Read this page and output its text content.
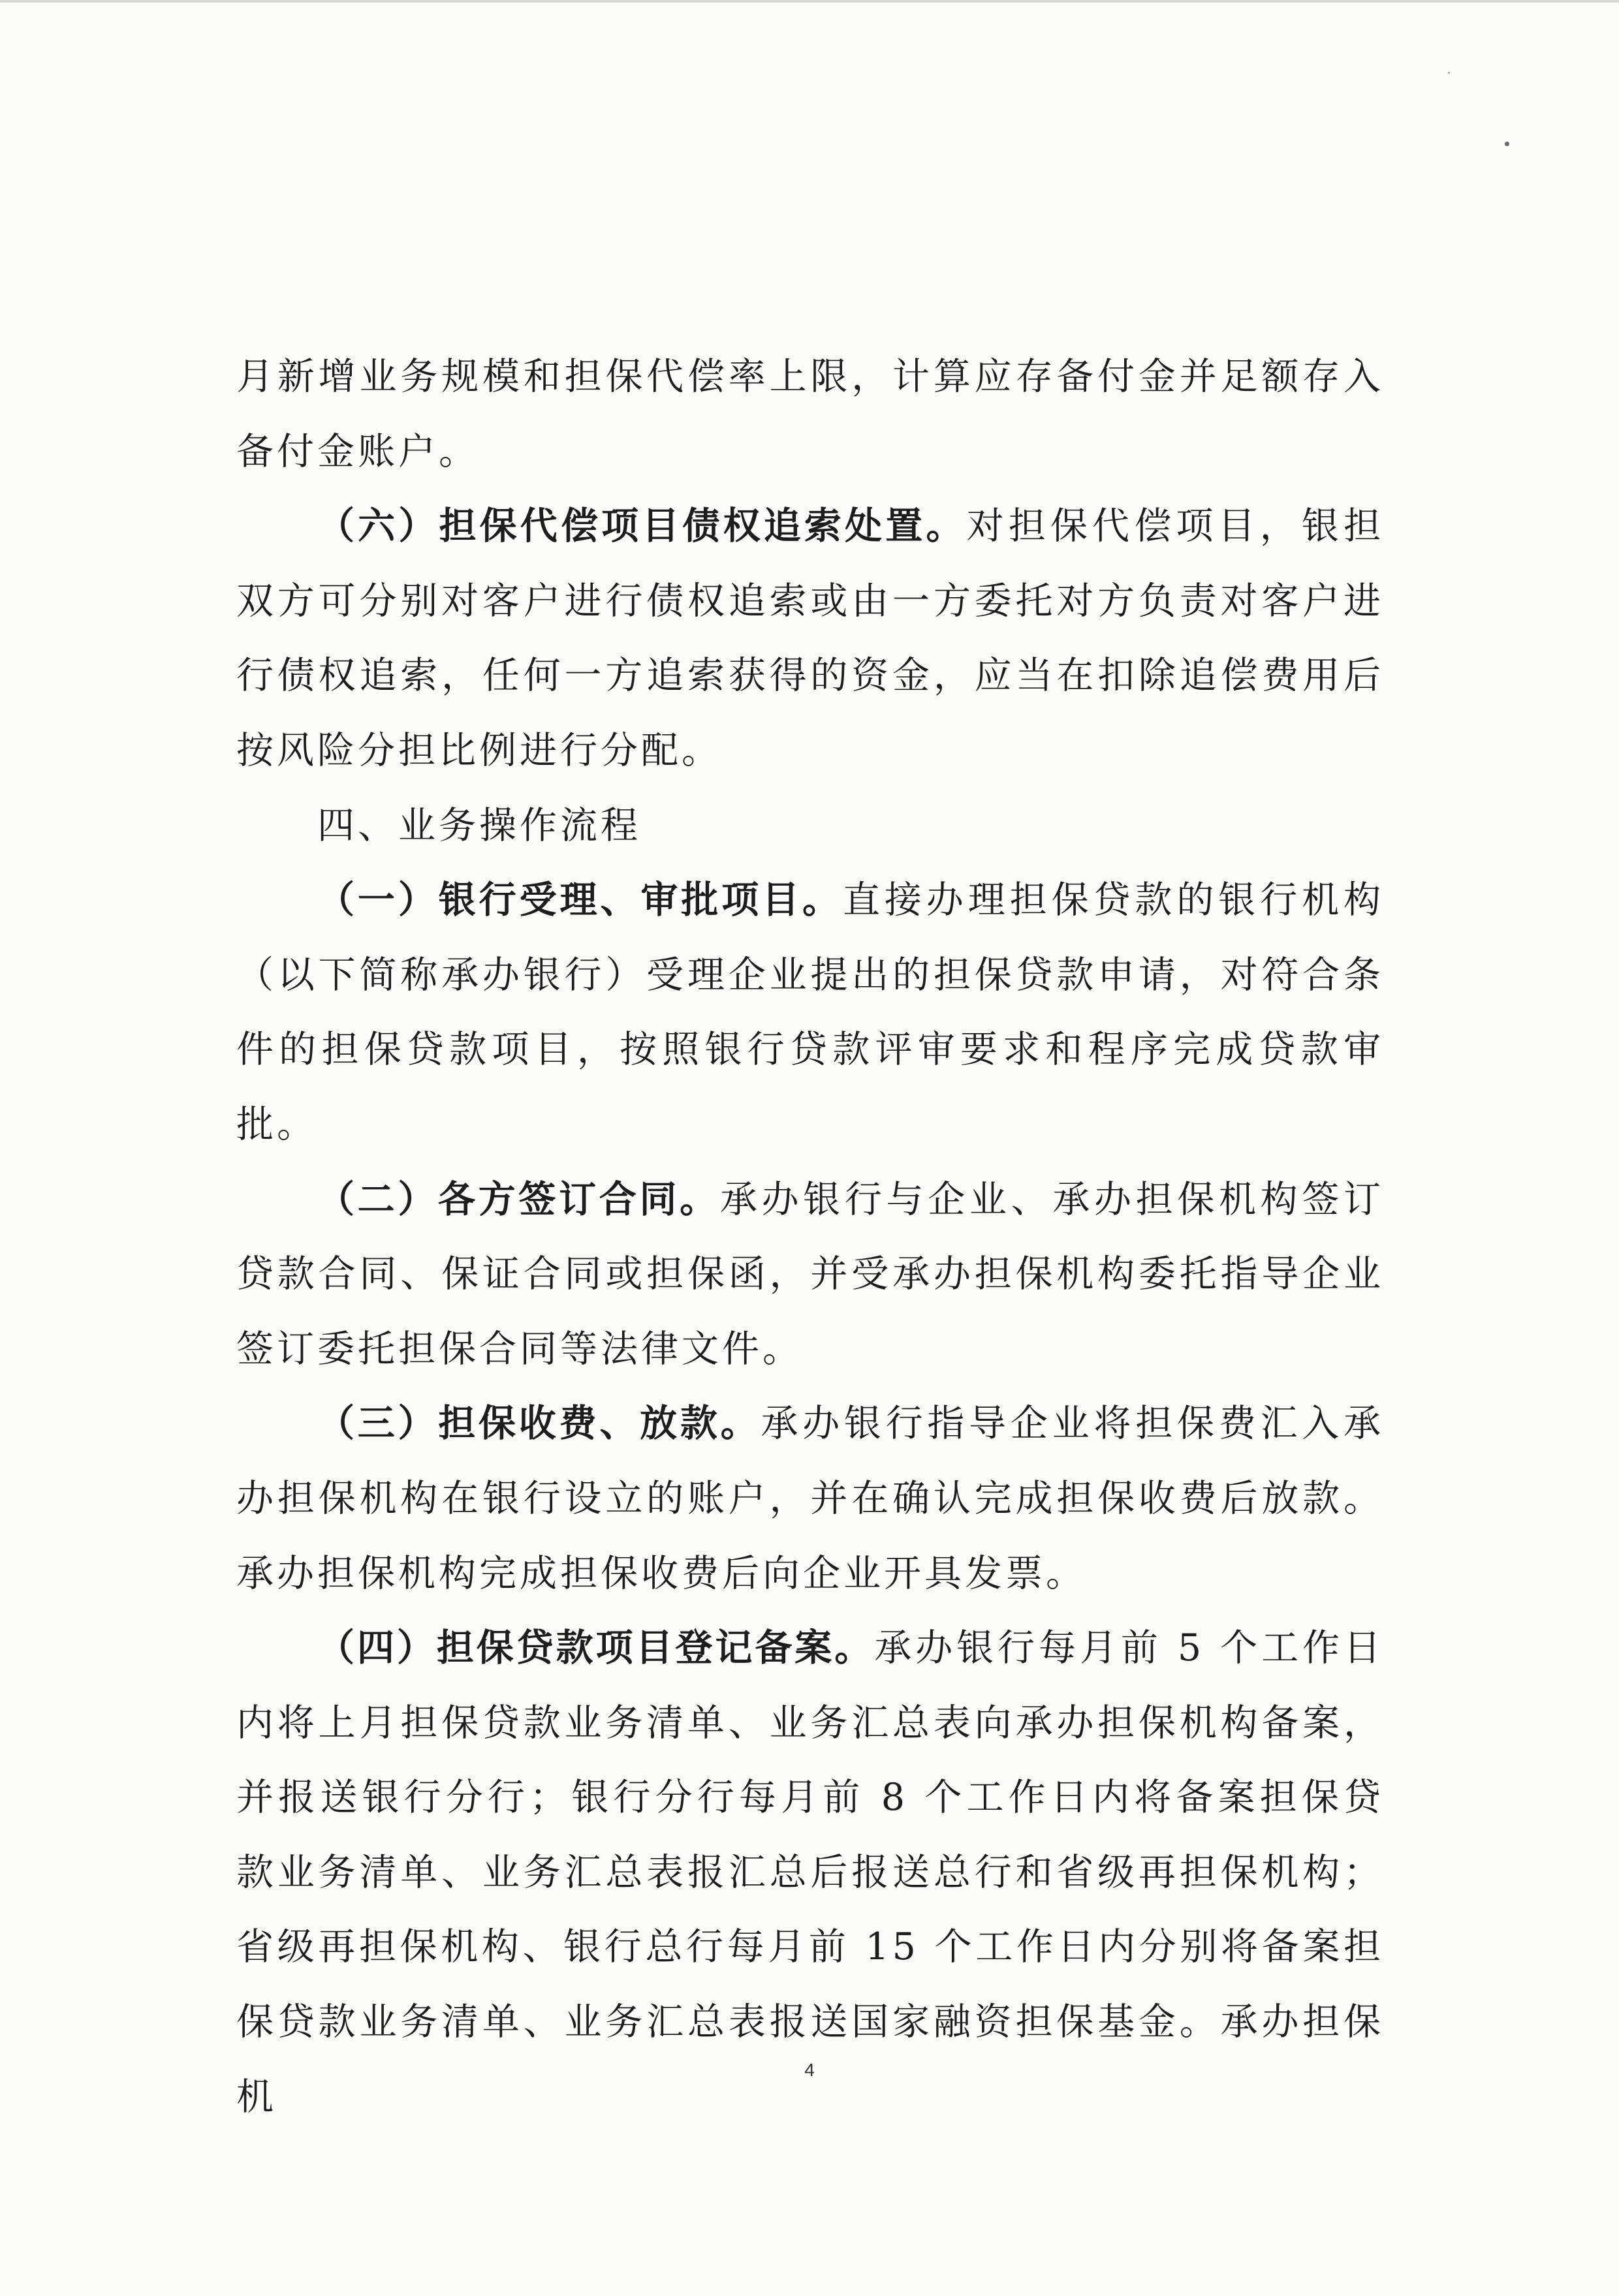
月新增业务规模和担保代偿率上限，计算应存备付金并足额存入备付金账户。

（六）担保代偿项目债权追索处置。对担保代偿项目，银担双方可分别对客户进行债权追索或由一方委托对方负责对客户进行债权追索，任何一方追索获得的资金，应当在扣除追偿费用后按风险分担比例进行分配。

四、业务操作流程

（一）银行受理、审批项目。直接办理担保贷款的银行机构（以下简称承办银行）受理企业提出的担保贷款申请，对符合条件的担保贷款项目，按照银行贷款评审要求和程序完成贷款审批。

（二）各方签订合同。承办银行与企业、承办担保机构签订贷款合同、保证合同或担保函，并受承办担保机构委托指导企业签订委托担保合同等法律文件。

（三）担保收费、放款。承办银行指导企业将担保费汇入承办担保机构在银行设立的账户，并在确认完成担保收费后放款。承办担保机构完成担保收费后向企业开具发票。

（四）担保贷款项目登记备案。承办银行每月前 5 个工作日内将上月担保贷款业务清单、业务汇总表向承办担保机构备案，并报送银行分行；银行分行每月前 8 个工作日内将备案担保贷款业务清单、业务汇总表报汇总后报送总行和省级再担保机构；省级再担保机构、银行总行每月前 15 个工作日内分别将备案担保贷款业务清单、业务汇总表报送国家融资担保基金。承办担保机

4
